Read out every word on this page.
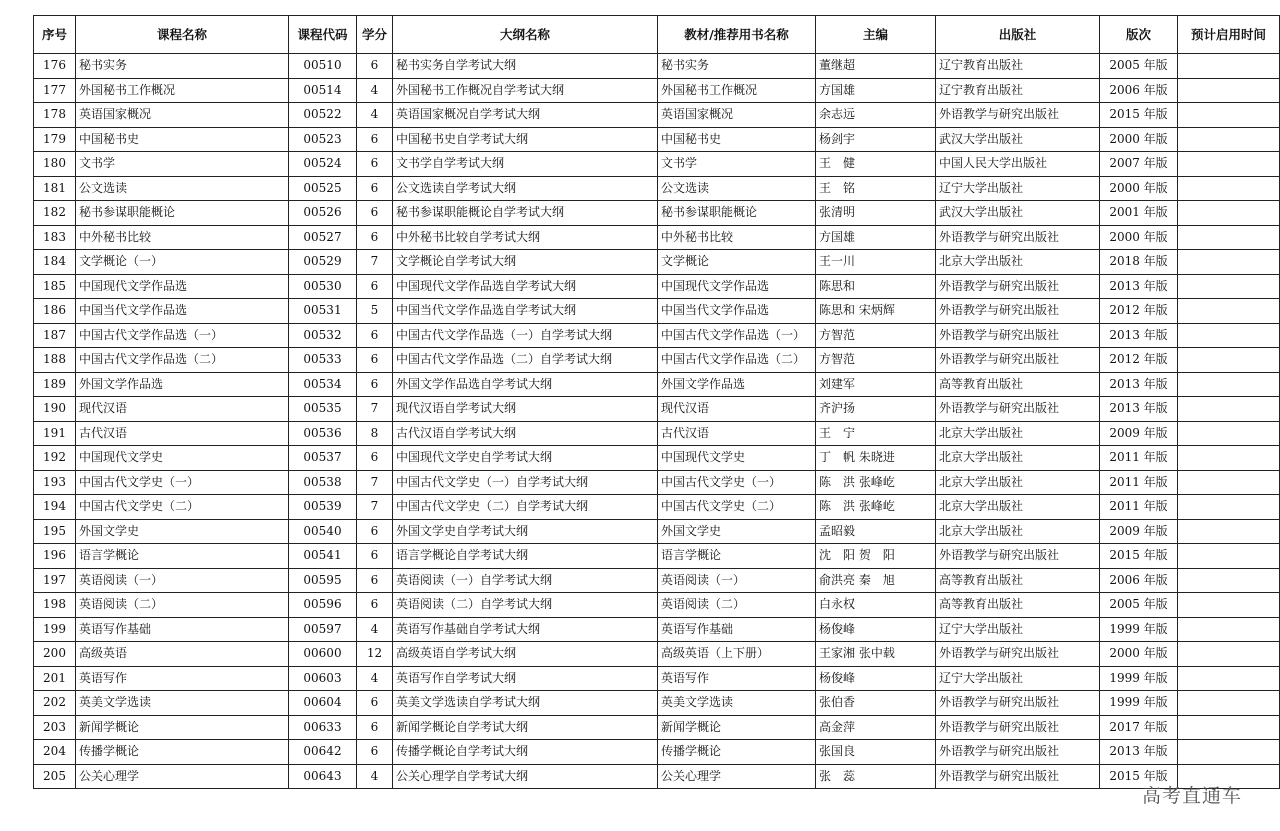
序号	课程名称	课程代码	学分	大纲名称	教材/推荐用书名称	主编	出版社	版次	预计启用时间
176	秘书实务	00510	6	秘书实务自学考试大纲	秘书实务	董继超	辽宁教育出版社	2005 年版	
177	外国秘书工作概况	00514	4	外国秘书工作概况自学考试大纲	外国秘书工作概况	方国雄	辽宁教育出版社	2006 年版	
178	英语国家概况	00522	4	英语国家概况自学考试大纲	英语国家概况	余志远	外语教学与研究出版社	2015 年版	
179	中国秘书史	00523	6	中国秘书史自学考试大纲	中国秘书史	杨剑宇	武汉大学出版社	2000 年版	
180	文书学	00524	6	文书学自学考试大纲	文书学	王　健	中国人民大学出版社	2007 年版	
181	公文选读	00525	6	公文选读自学考试大纲	公文选读	王　铭	辽宁大学出版社	2000 年版	
182	秘书参谋职能概论	00526	6	秘书参谋职能概论自学考试大纲	秘书参谋职能概论	张清明	武汉大学出版社	2001 年版	
183	中外秘书比较	00527	6	中外秘书比较自学考试大纲	中外秘书比较	方国雄	外语教学与研究出版社	2000 年版	
184	文学概论（一）	00529	7	文学概论自学考试大纲	文学概论	王一川	北京大学出版社	2018 年版	
185	中国现代文学作品选	00530	6	中国现代文学作品选自学考试大纲	中国现代文学作品选	陈思和	外语教学与研究出版社	2013 年版	
186	中国当代文学作品选	00531	5	中国当代文学作品选自学考试大纲	中国当代文学作品选	陈思和 宋炳辉	外语教学与研究出版社	2012 年版	
187	中国古代文学作品选（一）	00532	6	中国古代文学作品选（一）自学考试大纲	中国古代文学作品选（一）	方智范	外语教学与研究出版社	2013 年版	
188	中国古代文学作品选（二）	00533	6	中国古代文学作品选（二）自学考试大纲	中国古代文学作品选（二）	方智范	外语教学与研究出版社	2012 年版	
189	外国文学作品选	00534	6	外国文学作品选自学考试大纲	外国文学作品选	刘建军	高等教育出版社	2013 年版	
190	现代汉语	00535	7	现代汉语自学考试大纲	现代汉语	齐沪扬	外语教学与研究出版社	2013 年版	
191	古代汉语	00536	8	古代汉语自学考试大纲	古代汉语	王　宁	北京大学出版社	2009 年版	
192	中国现代文学史	00537	6	中国现代文学史自学考试大纲	中国现代文学史	丁　帆 朱晓进	北京大学出版社	2011 年版	
193	中国古代文学史（一）	00538	7	中国古代文学史（一）自学考试大纲	中国古代文学史（一）	陈　洪 张峰屹	北京大学出版社	2011 年版	
194	中国古代文学史（二）	00539	7	中国古代文学史（二）自学考试大纲	中国古代文学史（二）	陈　洪 张峰屹	北京大学出版社	2011 年版	
195	外国文学史	00540	6	外国文学史自学考试大纲	外国文学史	孟昭毅	北京大学出版社	2009 年版	
196	语言学概论	00541	6	语言学概论自学考试大纲	语言学概论	沈　阳 贺　阳	外语教学与研究出版社	2015 年版	
197	英语阅读（一）	00595	6	英语阅读（一）自学考试大纲	英语阅读（一）	俞洪亮 秦　旭	高等教育出版社	2006 年版	
198	英语阅读（二）	00596	6	英语阅读（二）自学考试大纲	英语阅读（二）	白永权	高等教育出版社	2005 年版	
199	英语写作基础	00597	4	英语写作基础自学考试大纲	英语写作基础	杨俊峰	辽宁大学出版社	1999 年版	
200	高级英语	00600	12	高级英语自学考试大纲	高级英语（上下册）	王家湘 张中载	外语教学与研究出版社	2000 年版	
201	英语写作	00603	4	英语写作自学考试大纲	英语写作	杨俊峰	辽宁大学出版社	1999 年版	
202	英美文学选读	00604	6	英美文学选读自学考试大纲	英美文学选读	张伯香	外语教学与研究出版社	1999 年版	
203	新闻学概论	00633	6	新闻学概论自学考试大纲	新闻学概论	高金萍	外语教学与研究出版社	2017 年版	
204	传播学概论	00642	6	传播学概论自学考试大纲	传播学概论	张国良	外语教学与研究出版社	2013 年版	
205	公关心理学	00643	4	公关心理学自学考试大纲	公关心理学	张　蕊	外语教学与研究出版社	2015 年版	
高考直通车
